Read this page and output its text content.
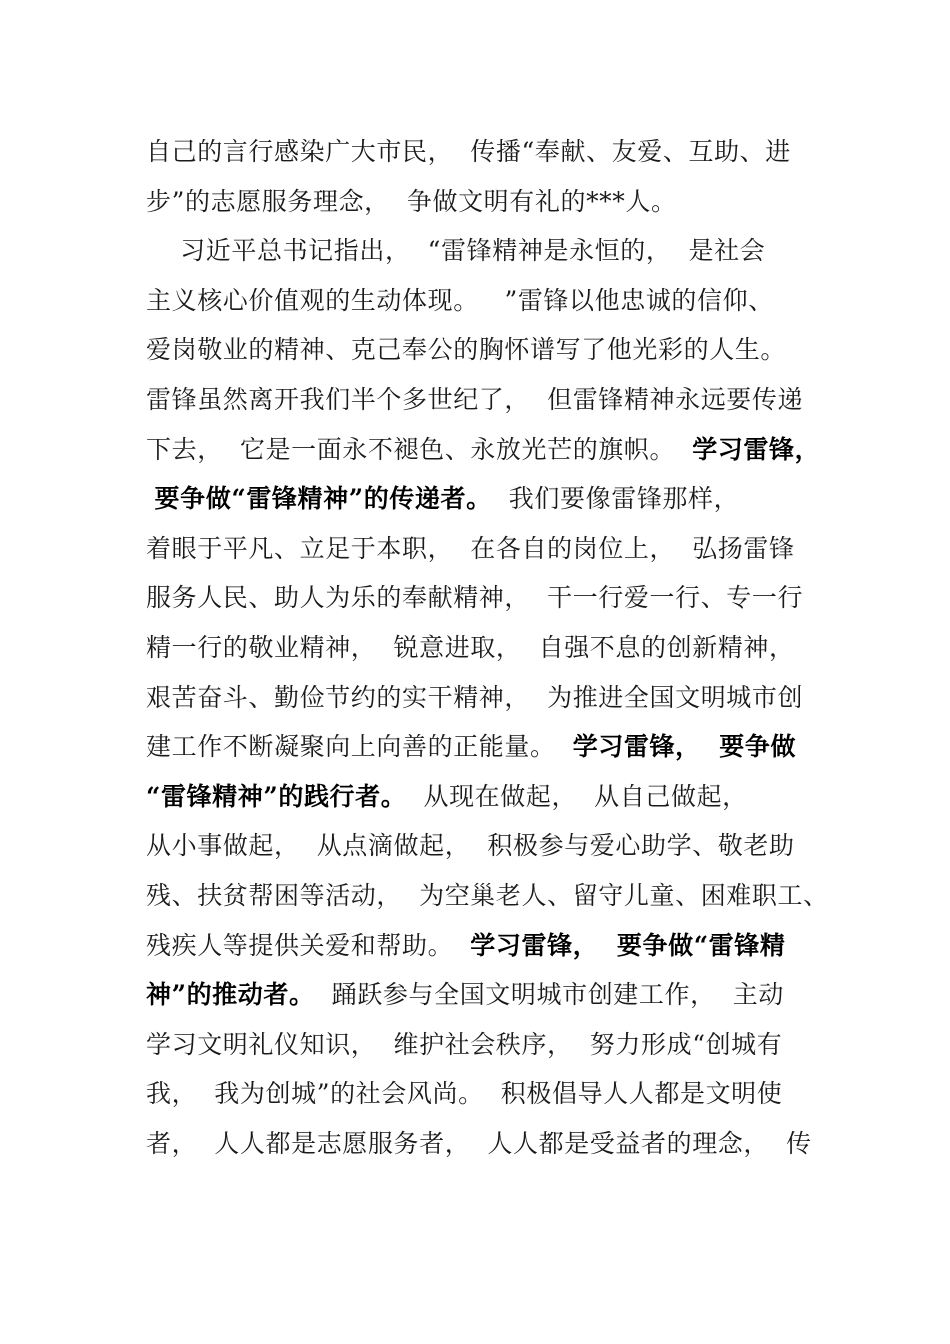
自己的言行感染广大市民，  传播“奉献、友爱、互助、进
步”的志愿服务理念，  争做文明有礼的***人。
习近平总书记指出，  “雷锋精神是永恒的，  是社会
主义核心价值观的生动体现。   ”雷锋以他忠诚的信仰、
爱岗敬业的精神、克己奉公的胸怀谱写了他光彩的人生。
雷锋虽然离开我们半个多世纪了，  但雷锋精神永远要传递
下去，  它是一面永不褪色、永放光芒的旗帜。  学习雷锋，
要争做“雷锋精神”的传递者。  我们要像雷锋那样，
着眼于平凡、立足于本职，  在各自的岗位上，  弘扬雷锋
服务人民、助人为乐的奉献精神，  干一行爱一行、专一行
精一行的敬业精神，  锐意进取，  自强不息的创新精神，
艰苦奋斗、勤俭节约的实干精神，  为推进全国文明城市创
建工作不断凝聚向上向善的正能量。  学习雷锋，  要争做
“雷锋精神”的践行者。  从现在做起，  从自己做起，
从小事做起，  从点滴做起，  积极参与爱心助学、敬老助
残、扶贫帮困等活动，  为空巢老人、留守儿童、困难职工、
残疾人等提供关爱和帮助。  学习雷锋，  要争做“雷锋精
神”的推动者。  踊跃参与全国文明城市创建工作，  主动
学习文明礼仪知识，  维护社会秩序，  努力形成“创城有
我，  我为创城”的社会风尚。  积极倡导人人都是文明使
者，  人人都是志愿服务者，  人人都是受益者的理念，  传
